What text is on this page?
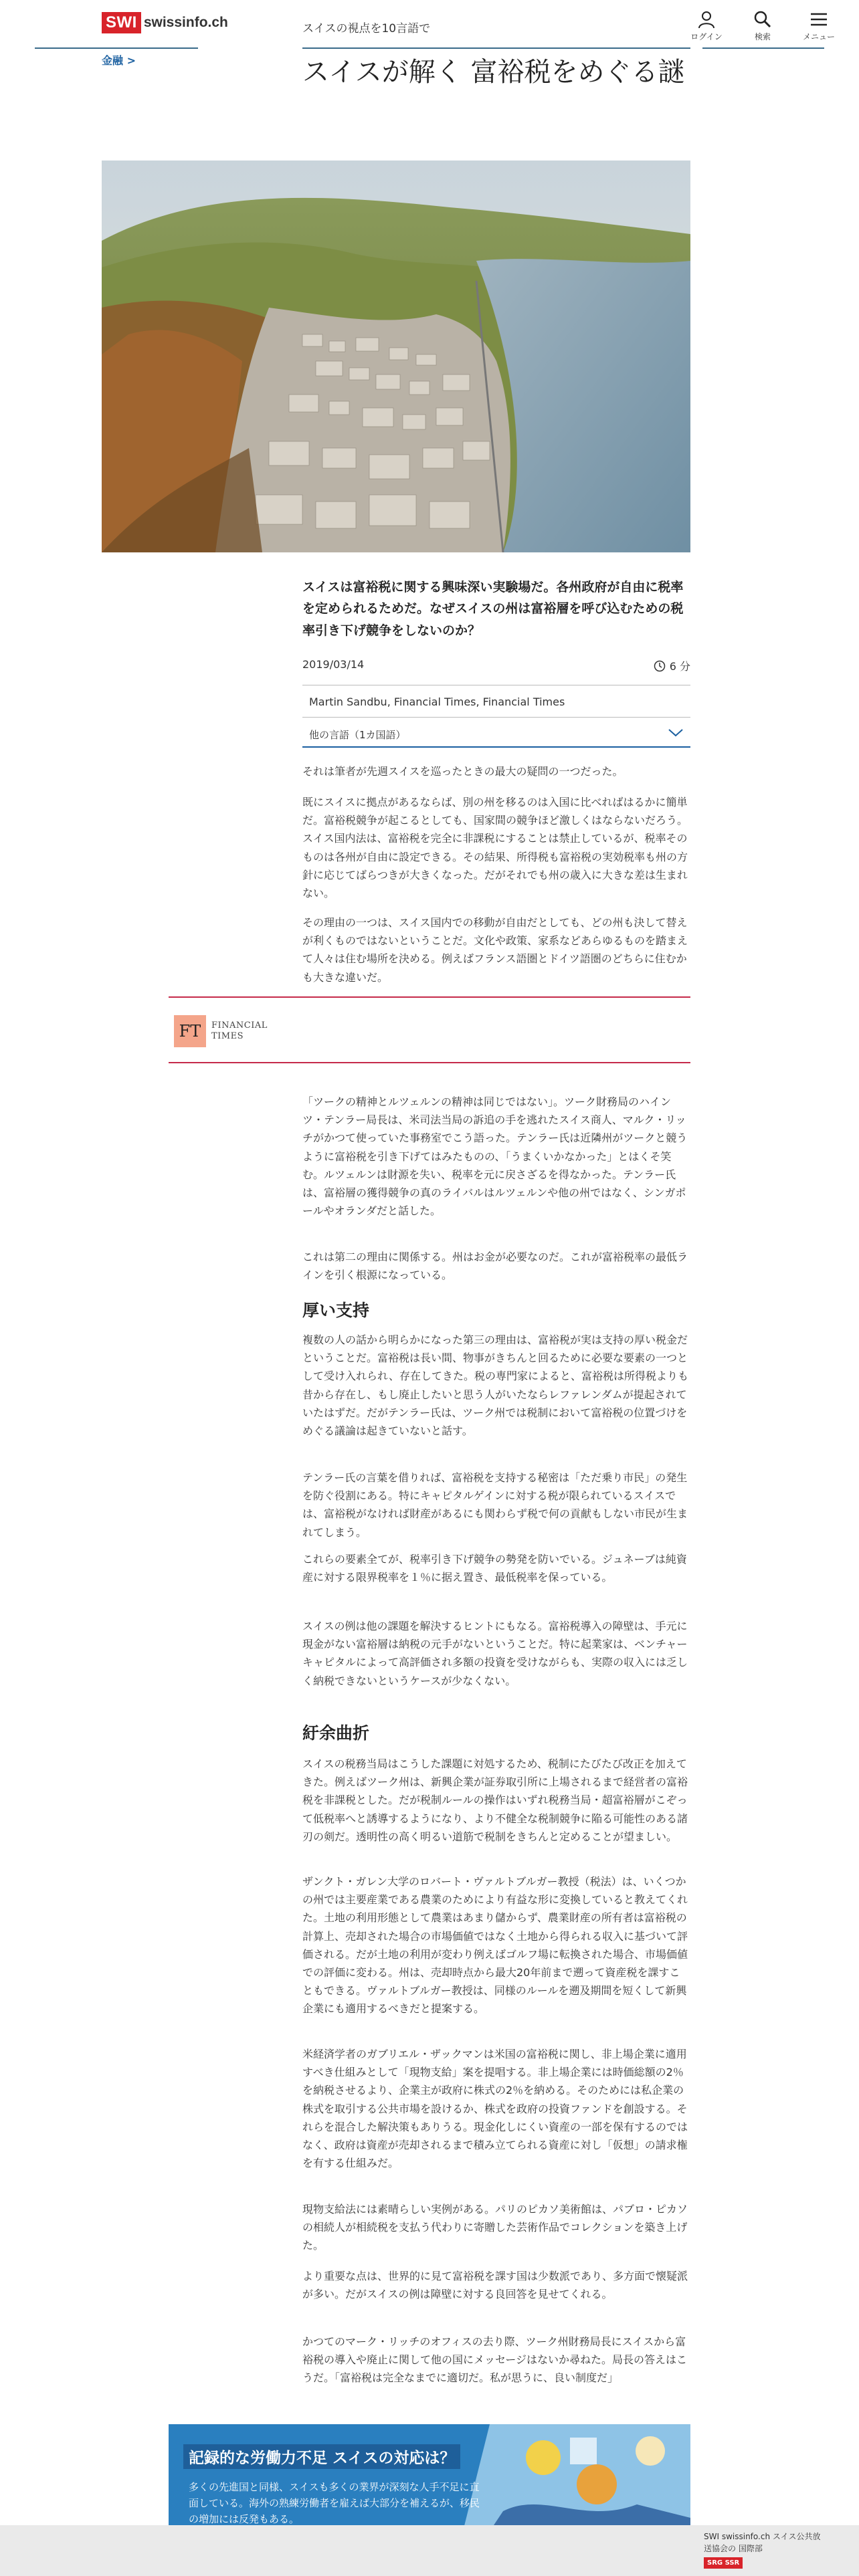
SWI swissinfo.ch	スイスの視点を10言語で
ログイン	検索	メニュー
金融 >	スイスが解く 富裕税をめぐる謎

スイスは富裕税に関する興味深い実験場だ。各州政府が自由に税率を定められるためだ。なぜスイスの州は富裕層を呼び込むための税率引き下げ競争をしないのか？

2019/03/14	6 分
Martin Sandbu, Financial Times, Financial Times
他の言語（1カ国語）

それは筆者が先週スイスを巡ったときの最大の疑問の一つだった。

既にスイスに拠点があるならば、別の州を移るのは入国に比べればはるかに簡単だ。富裕税競争が起こるとしても、国家間の競争ほど激しくはならないだろう。スイス国内法は、富裕税を完全に非課税にすることは禁止しているが、税率そのものは各州が自由に設定できる。その結果、所得税も富裕税の実効税率も州の方針に応じてばらつきが大きくなった。だがそれでも州の歳入に大きな差は生まれない。

その理由の一つは、スイス国内での移動が自由だとしても、どの州も決して替えが利くものではないということだ。文化や政策、家系などあらゆるものを踏まえて人々は住む場所を決める。例えばフランス語圏とドイツ語圏のどちらに住むかも大きな違いだ。

FT	FINANCIAL
TIMES

「ツークの精神とルツェルンの精神は同じではない」。ツーク財務局のハインツ・テンラー局長は、米司法当局の訴追の手を逃れたスイス商人、マルク・リッチがかつて使っていた事務室でこう語った。テンラー氏は近隣州がツークと競うように富裕税を引き下げてはみたものの、「うまくいかなかった」とはくそ笑む。ルツェルンは財源を失い、税率を元に戻さざるを得なかった。テンラー氏は、富裕層の獲得競争の真のライバルはルツェルンや他の州ではなく、シンガポールやオランダだと話した。

これは第二の理由に関係する。州はお金が必要なのだ。これが富裕税率の最低ラインを引く根源になっている。

厚い支持

複数の人の話から明らかになった第三の理由は、富裕税が実は支持の厚い税金だということだ。富裕税は長い間、物事がきちんと回るために必要な要素の一つとして受け入れられ、存在してきた。税の専門家によると、富裕税は所得税よりも昔から存在し、もし廃止したいと思う人がいたならレファレンダムが提起されていたはずだ。だがテンラー氏は、ツーク州では税制において富裕税の位置づけをめぐる議論は起きていないと話す。

テンラー氏の言葉を借りれば、富裕税を支持する秘密は「ただ乗り市民」の発生を防ぐ役割にある。特にキャピタルゲインに対する税が限られているスイスでは、富裕税がなければ財産があるにも関わらず税で何の貢献もしない市民が生まれてしまう。

これらの要素全てが、税率引き下げ競争の勢発を防いでいる。ジュネーブは純資産に対する限界税率を１％に据え置き、最低税率を保っている。

スイスの例は他の課題を解決するヒントにもなる。富裕税導入の障壁は、手元に現金がない富裕層は納税の元手がないということだ。特に起業家は、ベンチャーキャピタルによって高評価され多額の投資を受けながらも、実際の収入には乏しく納税できないというケースが少なくない。

紆余曲折

スイスの税務当局はこうした課題に対処するため、税制にたびたび改正を加えてきた。例えばツーク州は、新興企業が証券取引所に上場されるまで経営者の富裕税を非課税とした。だが税制ルールの操作はいずれ税務当局・超富裕層がこぞって低税率へと誘導するようになり、より不健全な税制競争に陥る可能性のある諸刃の剣だ。透明性の高く明るい道筋で税制をきちんと定めることが望ましい。

ザンクト・ガレン大学のロバート・ヴァルトブルガー教授（税法）は、いくつかの州では主要産業である農業のためにより有益な形に変換していると教えてくれた。土地の利用形態として農業はあまり儲からず、農業財産の所有者は富裕税の計算上、売却された場合の市場価値ではなく土地から得られる収入に基づいて評価される。だが土地の利用が変わり例えばゴルフ場に転換された場合、市場価値での評価に変わる。州は、売却時点から最大20年前まで遡って資産税を課すこともできる。ヴァルトブルガー教授は、同様のルールを遡及期間を短くして新興企業にも適用するべきだと提案する。

米経済学者のガブリエル・ザックマンは米国の富裕税に関し、非上場企業に適用すべき仕組みとして「現物支給」案を提唱する。非上場企業には時価総額の2％を納税させるより、企業主が政府に株式の2％を納める。そのためには私企業の株式を取引する公共市場を設けるか、株式を政府の投資ファンドを創設する。それらを混合した解決策もありうる。現金化しにくい資産の一部を保有するのではなく、政府は資産が売却されるまで積み立てられる資産に対し「仮想」の請求権を有する仕組みだ。

現物支給法には素晴らしい実例がある。パリのピカソ美術館は、パブロ・ピカソの相続人が相続税を支払う代わりに寄贈した芸術作品でコレクションを築き上げた。

より重要な点は、世界的に見て富裕税を課す国は少数派であり、多方面で懐疑派が多い。だがスイスの例は障壁に対する良回答を見せてくれる。

かつてのマーク・リッチのオフィスの去り際、ツーク州財務局長にスイスから富裕税の導入や廃止に関して他の国にメッセージはないか尋ねた。局長の答えはこうだ。「富裕税は完全なまでに適切だ。私が思うに、良い制度だ」

記録的な労働力不足 スイスの対応は？
多くの先進国と同様、スイスも多くの業界が深刻な人手不足に直面している。海外の熟練労働者を雇えば大部分を補えるが、移民の増加には反発もある。
SWI swissinfo.ch スイス公共放
送協会の 国際部
SRG SSR
